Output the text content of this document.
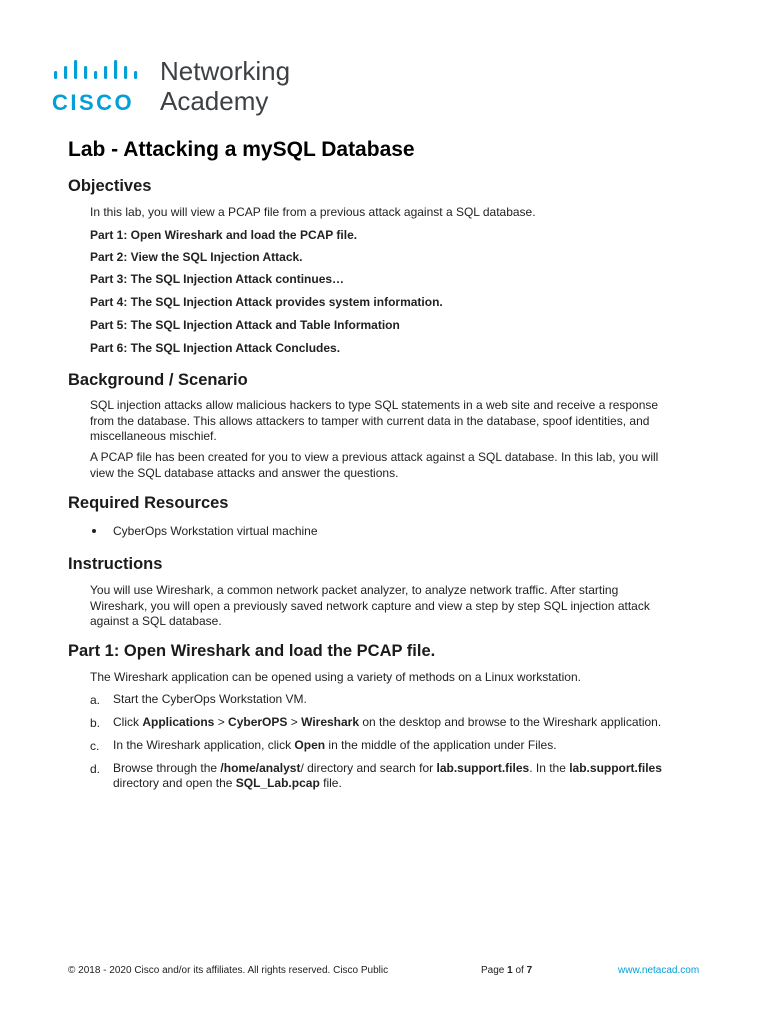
CISCO
Networking
Academy
Lab - Attacking a mySQL Database
Objectives
In this lab, you will view a PCAP file from a previous attack against a SQL database.
Part 1: Open Wireshark and load the PCAP file.
Part 2: View the SQL Injection Attack.
Part 3: The SQL Injection Attack continues…
Part 4: The SQL Injection Attack provides system information.
Part 5: The SQL Injection Attack and Table Information
Part 6: The SQL Injection Attack Concludes.
Background / Scenario
SQL injection attacks allow malicious hackers to type SQL statements in a web site and receive a response
from the database. This allows attackers to tamper with current data in the database, spoof identities, and
miscellaneous mischief.
A PCAP file has been created for you to view a previous attack against a SQL database. In this lab, you will
view the SQL database attacks and answer the questions.
Required Resources
CyberOps Workstation virtual machine
Instructions
You will use Wireshark, a common network packet analyzer, to analyze network traffic. After starting
Wireshark, you will open a previously saved network capture and view a step by step SQL injection attack
against a SQL database.
Part 1: Open Wireshark and load the PCAP file.
The Wireshark application can be opened using a variety of methods on a Linux workstation.
a. Start the CyberOps Workstation VM.
b. Click Applications > CyberOPS > Wireshark on the desktop and browse to the Wireshark application.
c. In the Wireshark application, click Open in the middle of the application under Files.
d. Browse through the /home/analyst/ directory and search for lab.support.files. In the lab.support.files
directory and open the SQL_Lab.pcap file.
© 2018 - 2020 Cisco and/or its affiliates. All rights reserved. Cisco Public	Page 1 of 7	www.netacad.com
